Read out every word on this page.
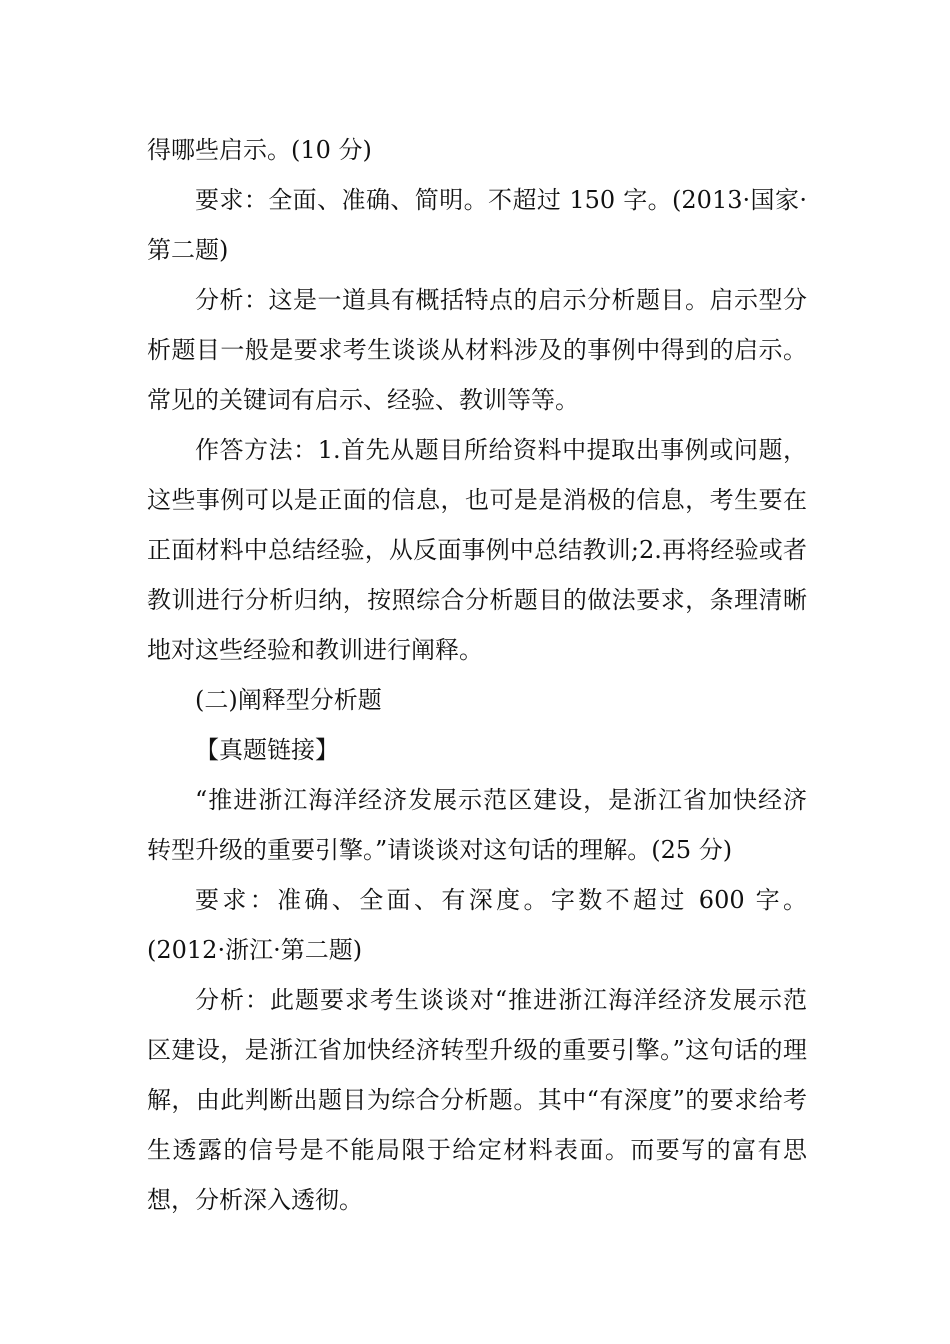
得哪些启示。(10 分)

要求：全面、准确、简明。不超过 150 字。(2013·国家·第二题)

分析：这是一道具有概括特点的启示分析题目。启示型分析题目一般是要求考生谈谈从材料涉及的事例中得到的启示。常见的关键词有启示、经验、教训等等。

作答方法：1.首先从题目所给资料中提取出事例或问题，这些事例可以是正面的信息，也可是是消极的信息，考生要在正面材料中总结经验，从反面事例中总结教训;2.再将经验或者教训进行分析归纳，按照综合分析题目的做法要求，条理清晰地对这些经验和教训进行阐释。

(二)阐释型分析题

【真题链接】

“推进浙江海洋经济发展示范区建设，是浙江省加快经济转型升级的重要引擎。”请谈谈对这句话的理解。(25 分)

要求：准确、全面、有深度。字数不超过 600 字。(2012·浙江·第二题)

分析：此题要求考生谈谈对“推进浙江海洋经济发展示范区建设，是浙江省加快经济转型升级的重要引擎。”这句话的理解，由此判断出题目为综合分析题。其中“有深度”的要求给考生透露的信号是不能局限于给定材料表面。而要写的富有思想，分析深入透彻。
